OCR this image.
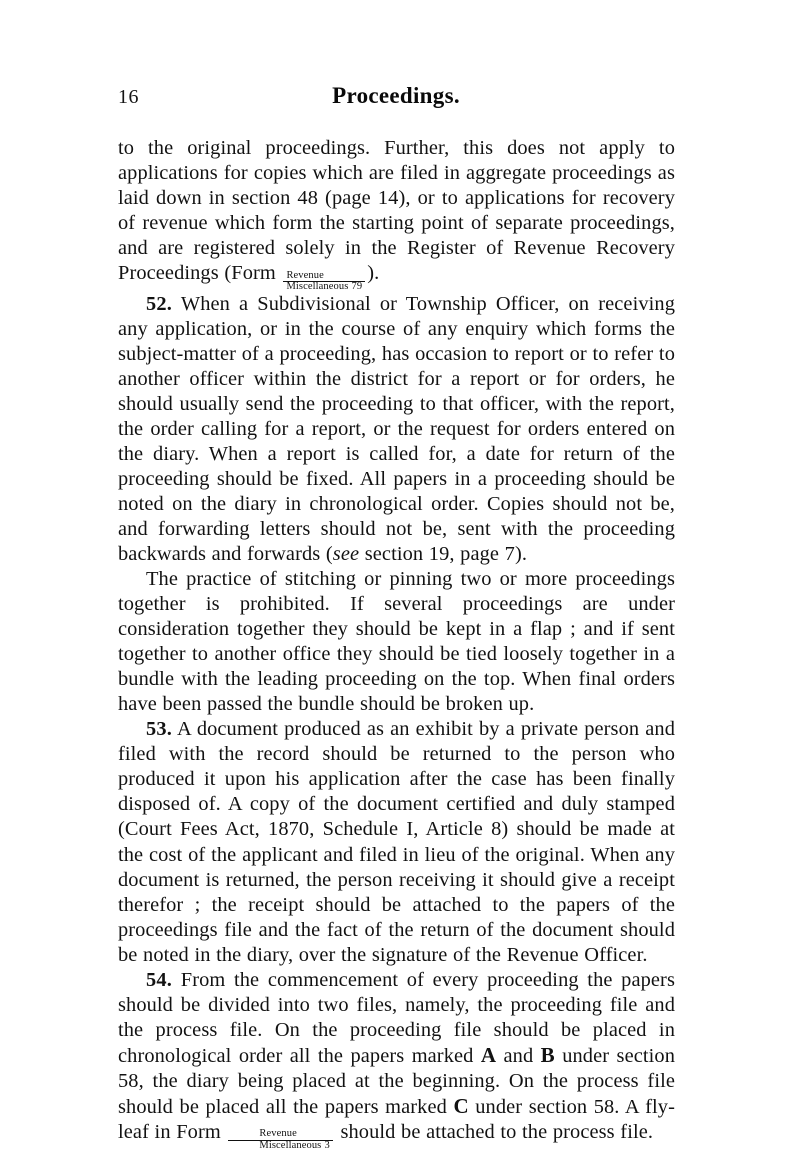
16	Proceedings.

to the original proceedings. Further, this does not apply to applications for copies which are filed in aggregate proceedings as laid down in section 48 (page 14), or to applications for recovery of revenue which form the starting point of separate proceedings, and are registered solely in the Register of Revenue Recovery Proceedings (Form $\frac{\text{Revenue}}{\text{Miscellaneous 79}}$ ).

52. When a Subdivisional or Township Officer, on receiving any application, or in the course of any enquiry which forms the subject-matter of a proceeding, has occasion to report or to refer to another officer within the district for a report or for orders, he should usually send the proceeding to that officer, with the report, the order calling for a report, or the request for orders entered on the diary. When a report is called for, a date for return of the proceeding should be fixed. All papers in a proceeding should be noted on the diary in chronological order. Copies should not be, and forwarding letters should not be, sent with the proceeding backwards and forwards (see section 19, page 7).

The practice of stitching or pinning two or more proceedings together is prohibited. If several proceedings are under consideration together they should be kept in a flap ; and if sent together to another office they should be tied loosely together in a bundle with the leading proceeding on the top. When final orders have been passed the bundle should be broken up.

53. A document produced as an exhibit by a private person and filed with the record should be returned to the person who produced it upon his application after the case has been finally disposed of. A copy of the document certified and duly stamped (Court Fees Act, 1870, Schedule I, Article 8) should be made at the cost of the applicant and filed in lieu of the original. When any document is returned, the person receiving it should give a receipt therefor ; the receipt should be attached to the papers of the proceedings file and the fact of the return of the document should be noted in the diary, over the signature of the Revenue Officer.

54. From the commencement of every proceeding the papers should be divided into two files, namely, the proceeding file and the process file. On the proceeding file should be placed in chronological order all the papers marked A and B under section 58, the diary being placed at the beginning. On the process file should be placed all the papers marked C under section 58. A fly-leaf in Form $\frac{\text{Revenue}}{\text{Miscellaneous 3}}$ should be attached to the process file.
